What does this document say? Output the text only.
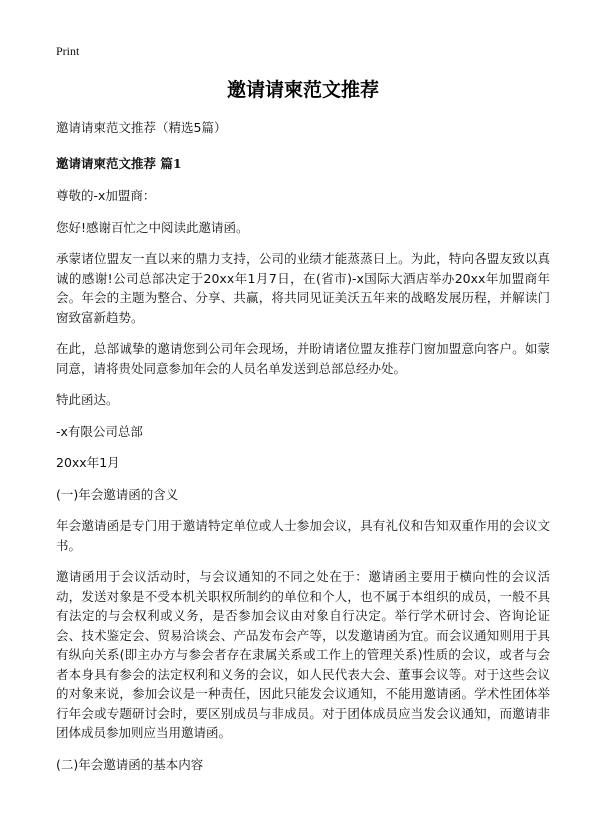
Print
邀请请柬范文推荐
邀请请柬范文推荐（精选5篇）
邀请请柬范文推荐 篇1

尊敬的-x加盟商：

您好!感谢百忙之中阅读此邀请函。

承蒙诸位盟友一直以来的鼎力支持，公司的业绩才能蒸蒸日上。为此，特向各盟友致以真诚的感谢!公司总部决定于20xx年1月7日，在(省市)-x国际大酒店举办20xx年加盟商年会。年会的主题为整合、分享、共赢，将共同见证美沃五年来的战略发展历程，并解读门窗致富新趋势。

在此，总部诚挚的邀请您到公司年会现场，并盼请诸位盟友推荐门窗加盟意向客户。如蒙同意，请将贵处同意参加年会的人员名单发送到总部总经办处。

特此函达。

-x有限公司总部

20xx年1月

(一)年会邀请函的含义

年会邀请函是专门用于邀请特定单位或人士参加会议，具有礼仪和告知双重作用的会议文书。

邀请函用于会议活动时，与会议通知的不同之处在于：邀请函主要用于横向性的会议活动，发送对象是不受本机关职权所制约的单位和个人，也不属于本组织的成员，一般不具有法定的与会权利或义务，是否参加会议由对象自行决定。举行学术研讨会、咨询论证会、技术鉴定会、贸易洽谈会、产品发布会产等，以发邀请函为宜。而会议通知则用于具有纵向关系(即主办方与参会者存在隶属关系或工作上的管理关系)性质的会议，或者与会者本身具有参会的法定权利和义务的会议，如人民代表大会、董事会议等。对于这些会议的对象来说，参加会议是一种责任，因此只能发会议通知，不能用邀请函。学术性团体举行年会或专题研讨会时，要区别成员与非成员。对于团体成员应当发会议通知，而邀请非团体成员参加则应当用邀请函。

(二)年会邀请函的基本内容
